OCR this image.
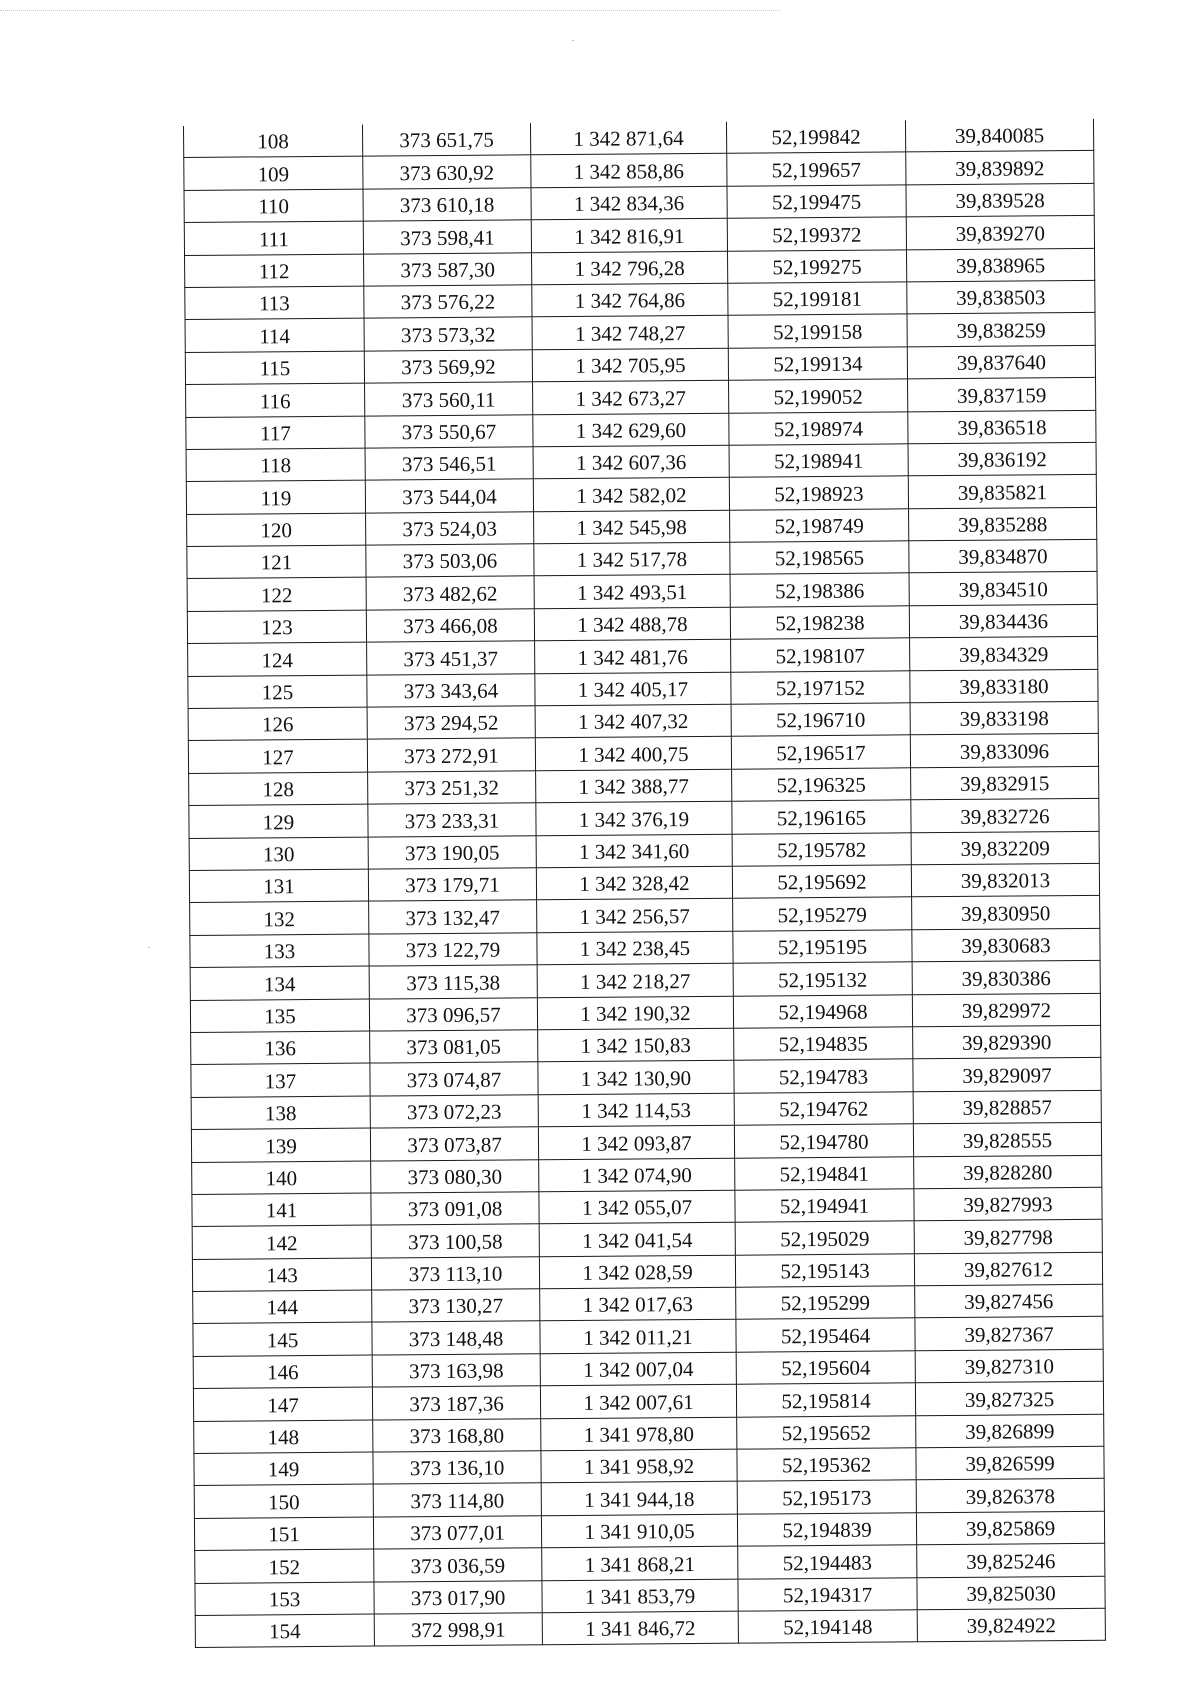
108	373 651,75	1 342 871,64	52,199842	39,840085
109	373 630,92	1 342 858,86	52,199657	39,839892
110	373 610,18	1 342 834,36	52,199475	39,839528
111	373 598,41	1 342 816,91	52,199372	39,839270
112	373 587,30	1 342 796,28	52,199275	39,838965
113	373 576,22	1 342 764,86	52,199181	39,838503
114	373 573,32	1 342 748,27	52,199158	39,838259
115	373 569,92	1 342 705,95	52,199134	39,837640
116	373 560,11	1 342 673,27	52,199052	39,837159
117	373 550,67	1 342 629,60	52,198974	39,836518
118	373 546,51	1 342 607,36	52,198941	39,836192
119	373 544,04	1 342 582,02	52,198923	39,835821
120	373 524,03	1 342 545,98	52,198749	39,835288
121	373 503,06	1 342 517,78	52,198565	39,834870
122	373 482,62	1 342 493,51	52,198386	39,834510
123	373 466,08	1 342 488,78	52,198238	39,834436
124	373 451,37	1 342 481,76	52,198107	39,834329
125	373 343,64	1 342 405,17	52,197152	39,833180
126	373 294,52	1 342 407,32	52,196710	39,833198
127	373 272,91	1 342 400,75	52,196517	39,833096
128	373 251,32	1 342 388,77	52,196325	39,832915
129	373 233,31	1 342 376,19	52,196165	39,832726
130	373 190,05	1 342 341,60	52,195782	39,832209
131	373 179,71	1 342 328,42	52,195692	39,832013
132	373 132,47	1 342 256,57	52,195279	39,830950
133	373 122,79	1 342 238,45	52,195195	39,830683
134	373 115,38	1 342 218,27	52,195132	39,830386
135	373 096,57	1 342 190,32	52,194968	39,829972
136	373 081,05	1 342 150,83	52,194835	39,829390
137	373 074,87	1 342 130,90	52,194783	39,829097
138	373 072,23	1 342 114,53	52,194762	39,828857
139	373 073,87	1 342 093,87	52,194780	39,828555
140	373 080,30	1 342 074,90	52,194841	39,828280
141	373 091,08	1 342 055,07	52,194941	39,827993
142	373 100,58	1 342 041,54	52,195029	39,827798
143	373 113,10	1 342 028,59	52,195143	39,827612
144	373 130,27	1 342 017,63	52,195299	39,827456
145	373 148,48	1 342 011,21	52,195464	39,827367
146	373 163,98	1 342 007,04	52,195604	39,827310
147	373 187,36	1 342 007,61	52,195814	39,827325
148	373 168,80	1 341 978,80	52,195652	39,826899
149	373 136,10	1 341 958,92	52,195362	39,826599
150	373 114,80	1 341 944,18	52,195173	39,826378
151	373 077,01	1 341 910,05	52,194839	39,825869
152	373 036,59	1 341 868,21	52,194483	39,825246
153	373 017,90	1 341 853,79	52,194317	39,825030
154	372 998,91	1 341 846,72	52,194148	39,824922
